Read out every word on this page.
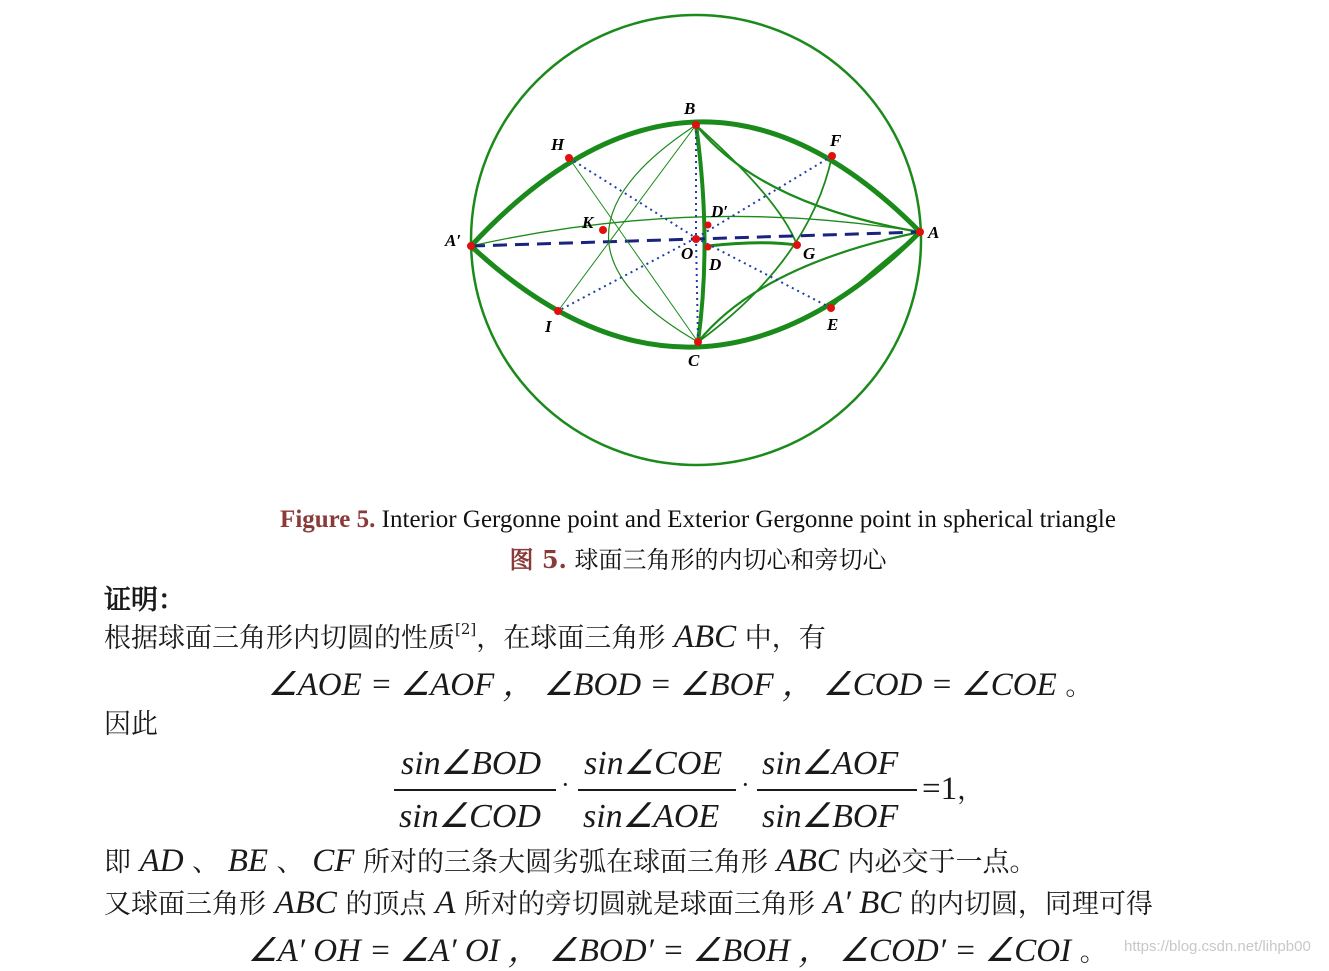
A
A′
B
C
H	F
I	E
K
G
O
D′
D
Figure 5. Interior Gergonne point and Exterior Gergonne point in spherical triangle
图 5. 球面三角形的内切心和旁切心
证明：
根据球面三角形内切圆的性质[2]，在球面三角形 ABC 中，有
∠AOE = ∠AOF ， ∠BOD = ∠BOF ， ∠COD = ∠COE 。
因此
sin∠BOD
sin∠COD
·
sin∠COE
sin∠AOE
·
sin∠AOF
sin∠BOF
=1，
即 AD 、 BE 、 CF 所对的三条大圆劣弧在球面三角形 ABC 内必交于一点。
又球面三角形 ABC 的顶点 A 所对的旁切圆就是球面三角形 A′ BC 的内切圆，同理可得
∠A′ OH = ∠A′ OI ， ∠BOD′ = ∠BOH ， ∠COD′ = ∠COI 。 https://blog.csdn.net/lihpb00
